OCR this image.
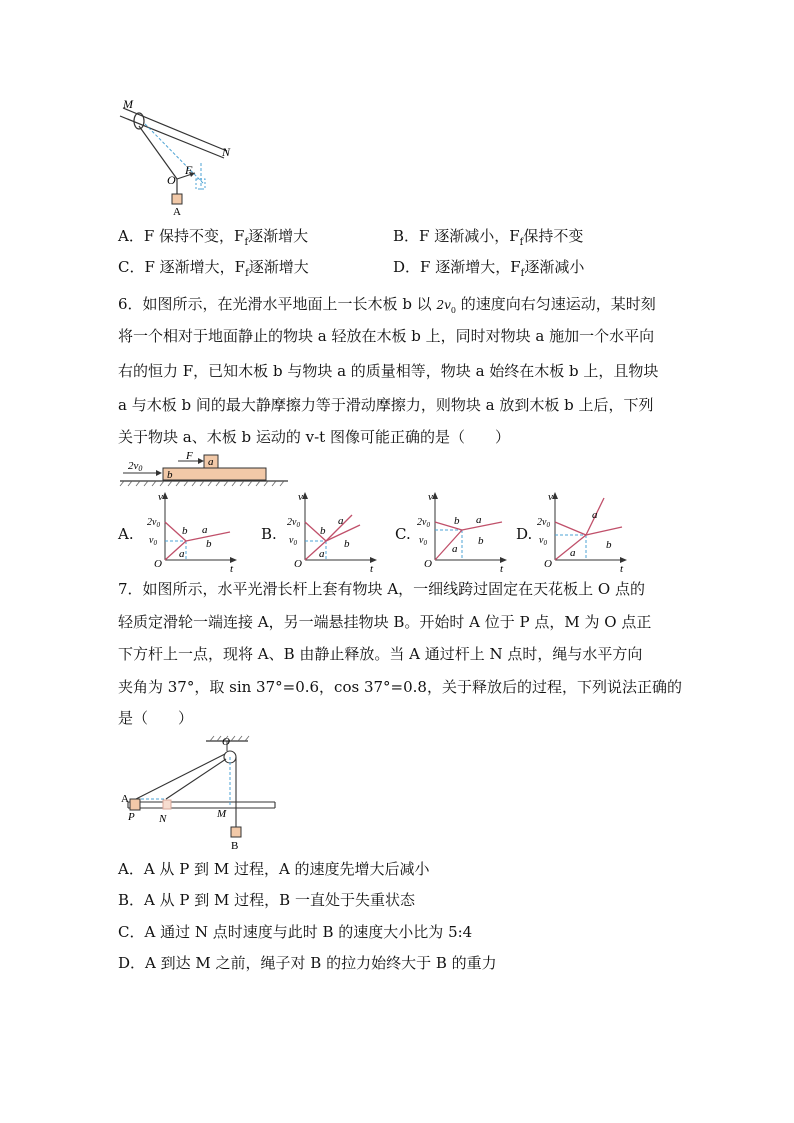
M
N
F
O
A
A．F 保持不变，$F_f$逐渐增大	B．F 逐渐减小，$F_f$保持不变
C．F 逐渐增大，$F_f$逐渐增大	D．F 逐渐增大，$F_f$逐渐减小
6．如图所示，在光滑水平地面上一长木板 b 以 $2v_0$ 的速度向右匀速运动，某时刻
将一个相对于地面静止的物块 a 轻放在木板 b 上，同时对物块 a 施加一个水平向
右的恒力 F，已知木板 b 与物块 a 的质量相等，物块 a 始终在木板 b 上，且物块
a 与木板 b 间的最大静摩擦力等于滑动摩擦力，则物块 a 放到木板 b 上后，下列
关于物块 a、木板 b 运动的 v-t 图像可能正确的是（　　）
a
b
F
2v0
A.	B.	C.	D.
v
t
O
$2v_0$
$v_0$
b a
b
a
v
t
O
$2v_0$
$v_0$
b
a
b
a
v
t
O
$2v_0$
$v_0$
b a
b
a
v
t
O
$2v_0$
$v_0$
a
b
a
7．如图所示，水平光滑长杆上套有物块 A，一细线跨过固定在天花板上 O 点的
轻质定滑轮一端连接 A，另一端悬挂物块 B。开始时 A 位于 P 点，M 为 O 点正
下方杆上一点，现将 A、B 由静止释放。当 A 通过杆上 N 点时，绳与水平方向
夹角为 37°，取 sin 37°=0.6，cos 37°=0.8，关于释放后的过程，下列说法正确的
是（　　）
O
A
P N	M
B
A．A 从 P 到 M 过程，A 的速度先增大后减小
B．A 从 P 到 M 过程，B 一直处于失重状态
C．A 通过 N 点时速度与此时 B 的速度大小比为 5:4
D．A 到达 M 之前，绳子对 B 的拉力始终大于 B 的重力
